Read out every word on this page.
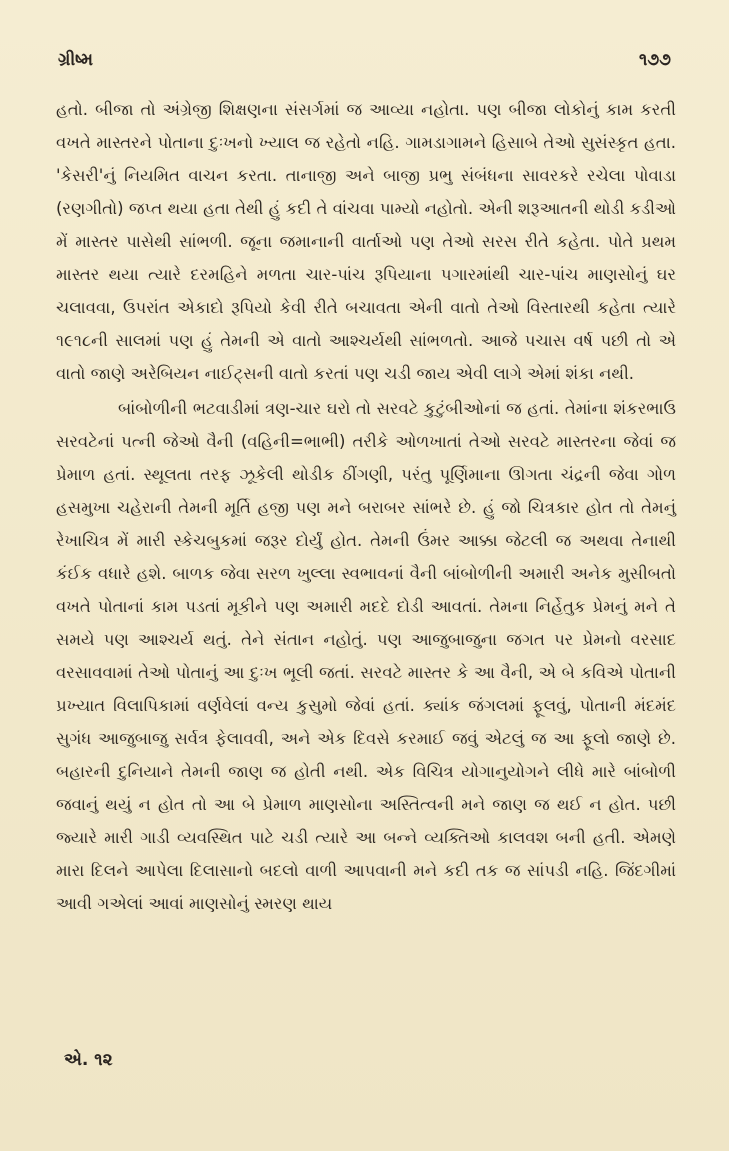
ગ્રીષ્મ	૧૭૭

હતો. બીજા તો અંગ્રેજી શિક્ષણના સંસર્ગમાં જ આવ્યા નહોતા. પણ બીજા લોકોનું કામ કરતી વખતે માસ્તરને પોતાના દુઃખનો ખ્યાલ જ રહેતો નહિ. ગામડાગામને હિસાબે તેઓ સુસંસ્કૃત હતા. 'કેસરી'નું નિયમિત વાચન કરતા. તાનાજી અને બાજી પ્રભુ સંબંધના સાવરકરે રચેલા પોવાડા (રણગીતો) જપ્ત થયા હતા તેથી હું કદી તે વાંચવા પામ્યો નહોતો. એની શરૂઆતની થોડી કડીઓ મેં માસ્તર પાસેથી સાંભળી. જૂના જમાનાની વાર્તાઓ પણ તેઓ સરસ રીતે કહેતા. પોતે પ્રથમ માસ્તર થયા ત્યારે દરમહિને મળતા ચાર-પાંચ રૂપિયાના પગારમાંથી ચાર-પાંચ માણસોનું ઘર ચલાવવા, ઉપરાંત એકાદો રૂપિયો કેવી રીતે બચાવતા એની વાતો તેઓ વિસ્તારથી કહેતા ત્યારે ૧૯૧૮ની સાલમાં પણ હું તેમની એ વાતો આશ્ચર્યથી સાંભળતો. આજે પચાસ વર્ષ પછી તો એ વાતો જાણે અરેબિયન નાઈટ્સની વાતો કરતાં પણ ચડી જાય એવી લાગે એમાં શંકા નથી.

બાંબોળીની ભટવાડીમાં ત્રણ-ચાર ઘરો તો સરવટે કુટુંબીઓનાં જ હતાં. તેમાંના શંકરભાઉ સરવટેનાં પત્ની જેઓ વૈની (વહિની=ભાભી) તરીકે ઓળખાતાં તેઓ સરવટે માસ્તરના જેવાં જ પ્રેમાળ હતાં. સ્થૂલતા તરફ ઝૂકેલી થોડીક ઠીંગણી, પરંતુ પૂર્ણિમાના ઊગતા ચંદ્રની જેવા ગોળ હસમુખા ચહેરાની તેમની મૂર્તિ હજી પણ મને બરાબર સાંભરે છે. હું જો ચિત્રકાર હોત તો તેમનું રેખાચિત્ર મેં મારી સ્કેચબુકમાં જરૂર દોર્યું હોત. તેમની ઉંમર આક્કા જેટલી જ અથવા તેનાથી કંઈક વધારે હશે. બાળક જેવા સરળ ખુલ્લા સ્વભાવનાં વૈની બાંબોળીની અમારી અનેક મુસીબતો વખતે પોતાનાં કામ પડતાં મૂકીને પણ અમારી મદદે દોડી આવતાં. તેમના નિર્હેતુક પ્રેમનું મને તે સમયે પણ આશ્ચર્ય થતું. તેને સંતાન નહોતું. પણ આજુબાજુના જગત પર પ્રેમનો વરસાદ વરસાવવામાં તેઓ પોતાનું આ દુઃખ ભૂલી જતાં. સરવટે માસ્તર કે આ વૈની, એ બે કવિએ પોતાની પ્રખ્યાત વિલાપિકામાં વર્ણવેલાં વન્ય કુસુમો જેવાં હતાં. ક્યાંક જંગલમાં ફૂલવું, પોતાની મંદમંદ સુગંધ આજુબાજુ સર્વત્ર ફેલાવવી, અને એક દિવસે કરમાઈ જવું એટલું જ આ ફૂલો જાણે છે. બહારની દુનિયાને તેમની જાણ જ હોતી નથી. એક વિચિત્ર યોગાનુયોગને લીધે મારે બાંબોળી જવાનું થયું ન હોત તો આ બે પ્રેમાળ માણસોના અસ્તિત્વની મને જાણ જ થઈ ન હોત. પછી જ્યારે મારી ગાડી વ્યવસ્થિત પાટે ચડી ત્યારે આ બન્ને વ્યક્તિઓ કાલવશ બની હતી. એમણે મારા દિલને આપેલા દિલાસાનો બદલો વાળી આપવાની મને કદી તક જ સાંપડી નહિ. જિંદગીમાં આવી ગએલાં આવાં માણસોનું સ્મરણ થાય

એ. ૧૨
